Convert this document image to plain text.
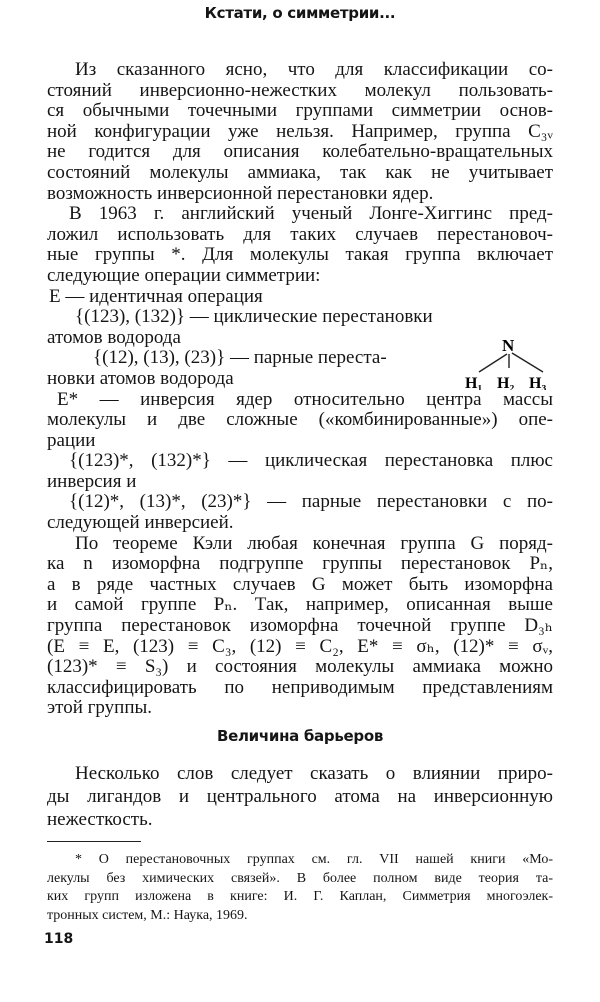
Кстати, о симметрии...
Из сказанного ясно, что для классификации со-
стояний инверсионно-нежестких молекул пользовать-
ся обычными точечными группами симметрии основ-
ной конфигурации уже нельзя. Например, группа C₃ᵥ
не годится для описания колебательно-вращательных
состояний молекулы аммиака, так как не учитывает
возможность инверсионной перестановки ядер.
В 1963 г. английский ученый Лонге-Хиггинс пред-
ложил использовать для таких случаев перестановоч-
ные группы *. Для молекулы такая группа включает
следующие операции симметрии:
E — идентичная операция
{(123), (132)} — циклические перестановки
атомов водорода
{(12), (13), (23)} — парные переста-
новки атомов водорода
E* — инверсия ядер относительно центра массы
молекулы и две сложные («комбинированные») опе-
рации
{(123)*, (132)*} — циклическая перестановка плюс
инверсия и
{(12)*, (13)*, (23)*} — парные перестановки с по-
следующей инверсией.
По теореме Кэли любая конечная группа G поряд-
ка n изоморфна подгруппе группы перестановок Pₙ,
а в ряде частных случаев G может быть изоморфна
и самой группе Pₙ. Так, например, описанная выше
группа перестановок изоморфна точечной группе D₃ₕ
(E ≡ E, (123) ≡ C₃, (12) ≡ C₂, E* ≡ σₕ, (12)* ≡ σᵥ,
(123)* ≡ S₃) и состояния молекулы аммиака можно
классифицировать по неприводимым представлениям
этой группы.
N
H₁ H₂ H₃
Величина барьеров
Несколько слов следует сказать о влиянии приро-
ды лигандов и центрального атома на инверсионную
нежесткость.
* О перестановочных группах см. гл. VII нашей книги «Мо-
лекулы без химических связей». В более полном виде теория та-
ких групп изложена в книге: И. Г. Каплан, Симметрия многоэлек-
тронных систем, М.: Наука, 1969.
118
